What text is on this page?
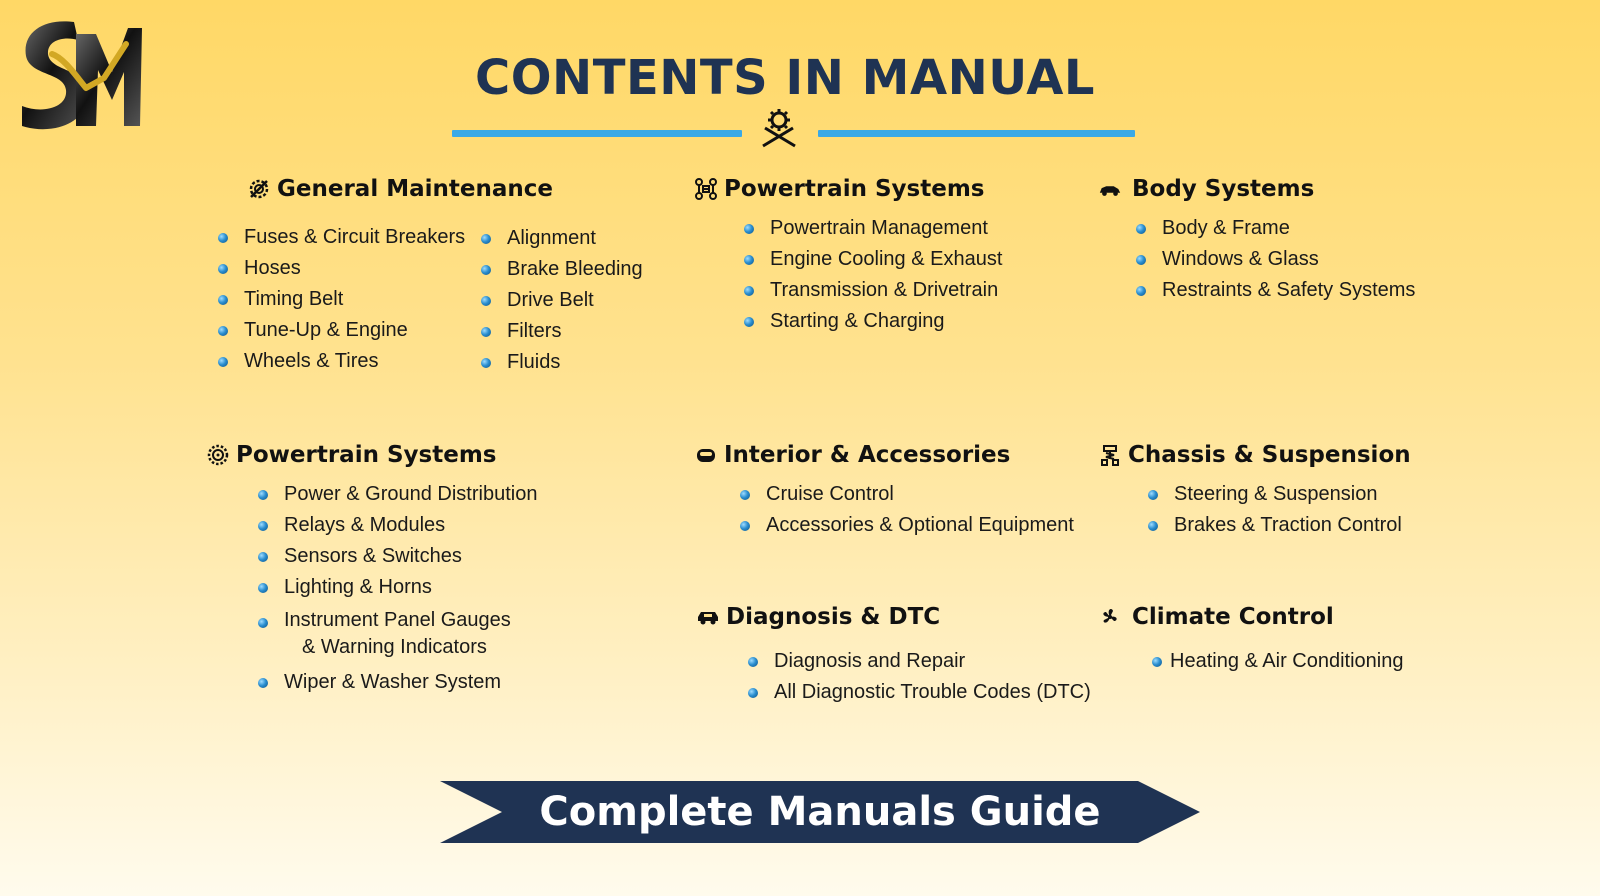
CONTENTS IN MANUAL
General Maintenance
Fuses & Circuit Breakers
Hoses
Timing Belt
Tune-Up & Engine
Wheels & Tires
Alignment
Brake Bleeding
Drive Belt
Filters
Fluids
Powertrain Systems
Powertrain Management
Engine Cooling & Exhaust
Transmission & Drivetrain
Starting & Charging
Body Systems
Body & Frame
Windows & Glass
Restraints & Safety Systems
Powertrain Systems
Power & Ground Distribution
Relays & Modules
Sensors & Switches
Lighting & Horns
Instrument Panel Gauges
& Warning Indicators
Wiper & Washer System
Interior & Accessories
Cruise Control
Accessories & Optional Equipment
Chassis & Suspension
Steering & Suspension
Brakes & Traction Control
Diagnosis & DTC
Diagnosis and Repair
All Diagnostic Trouble Codes (DTC)
Climate Control
Heating & Air Conditioning
Complete Manuals Guide
